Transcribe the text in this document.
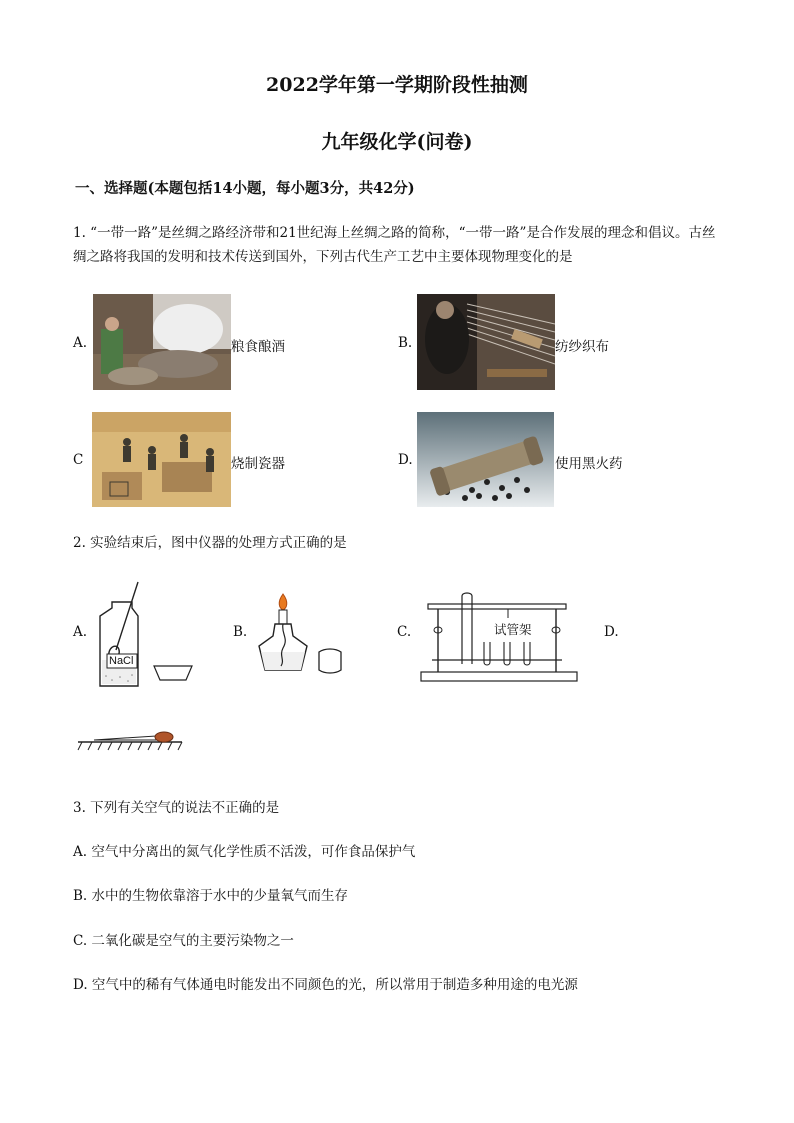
2022学年第一学期阶段性抽测
九年级化学(问卷)
一、选择题(本题包括14小题，每小题3分，共42分)
1. “一带一路”是丝绸之路经济带和21世纪海上丝绸之路的简称，“一带一路”是合作发展的理念和倡议。古丝绸之路将我国的发明和技术传送到国外，下列古代生产工艺中主要体现物理变化的是
A.	粮食酿酒	B.	纺纱织布
C	烧制瓷器	D.	使用黑火药
2. 实验结束后，图中仪器的处理方式正确的是
A.
NaCl
B.	C.	试管架	D.
3. 下列有关空气的说法不正确的是
A. 空气中分离出的氮气化学性质不活泼，可作食品保护气
B. 水中的生物依靠溶于水中的少量氧气而生存
C. 二氧化碳是空气的主要污染物之一
D. 空气中的稀有气体通电时能发出不同颜色的光，所以常用于制造多种用途的电光源
